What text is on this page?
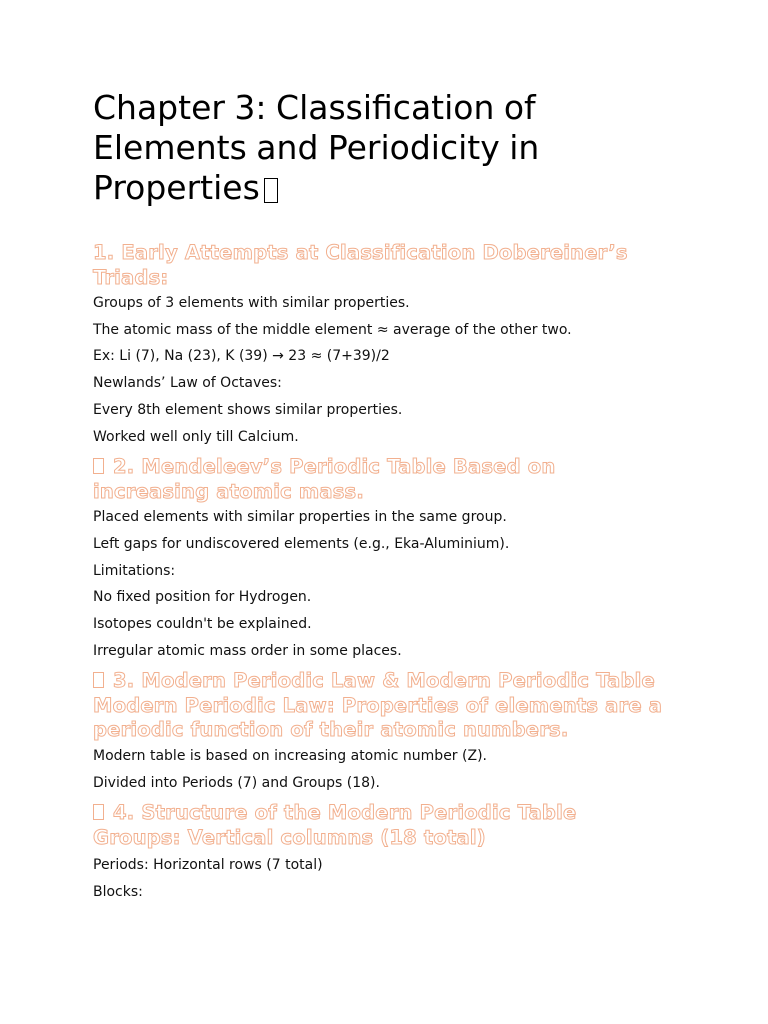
Chapter 3: Classification of Elements and Periodicity in Properties
1. Early Attempts at Classification Dobereiner’s Triads:

Groups of 3 elements with similar properties.

The atomic mass of the middle element ≈ average of the other two.

Ex: Li (7), Na (23), K (39) → 23 ≈ (7+39)/2

Newlands’ Law of Octaves:

Every 8th element shows similar properties.

Worked well only till Calcium.

2. Mendeleev’s Periodic Table Based on increasing atomic mass.

Placed elements with similar properties in the same group.

Left gaps for undiscovered elements (e.g., Eka-Aluminium).

Limitations:

No fixed position for Hydrogen.

Isotopes couldn't be explained.

Irregular atomic mass order in some places.

3. Modern Periodic Law & Modern Periodic Table Modern Periodic Law: Properties of elements are a periodic function of their atomic numbers.

Modern table is based on increasing atomic number (Z).

Divided into Periods (7) and Groups (18).

4. Structure of the Modern Periodic Table Groups: Vertical columns (18 total)

Periods: Horizontal rows (7 total)

Blocks:
